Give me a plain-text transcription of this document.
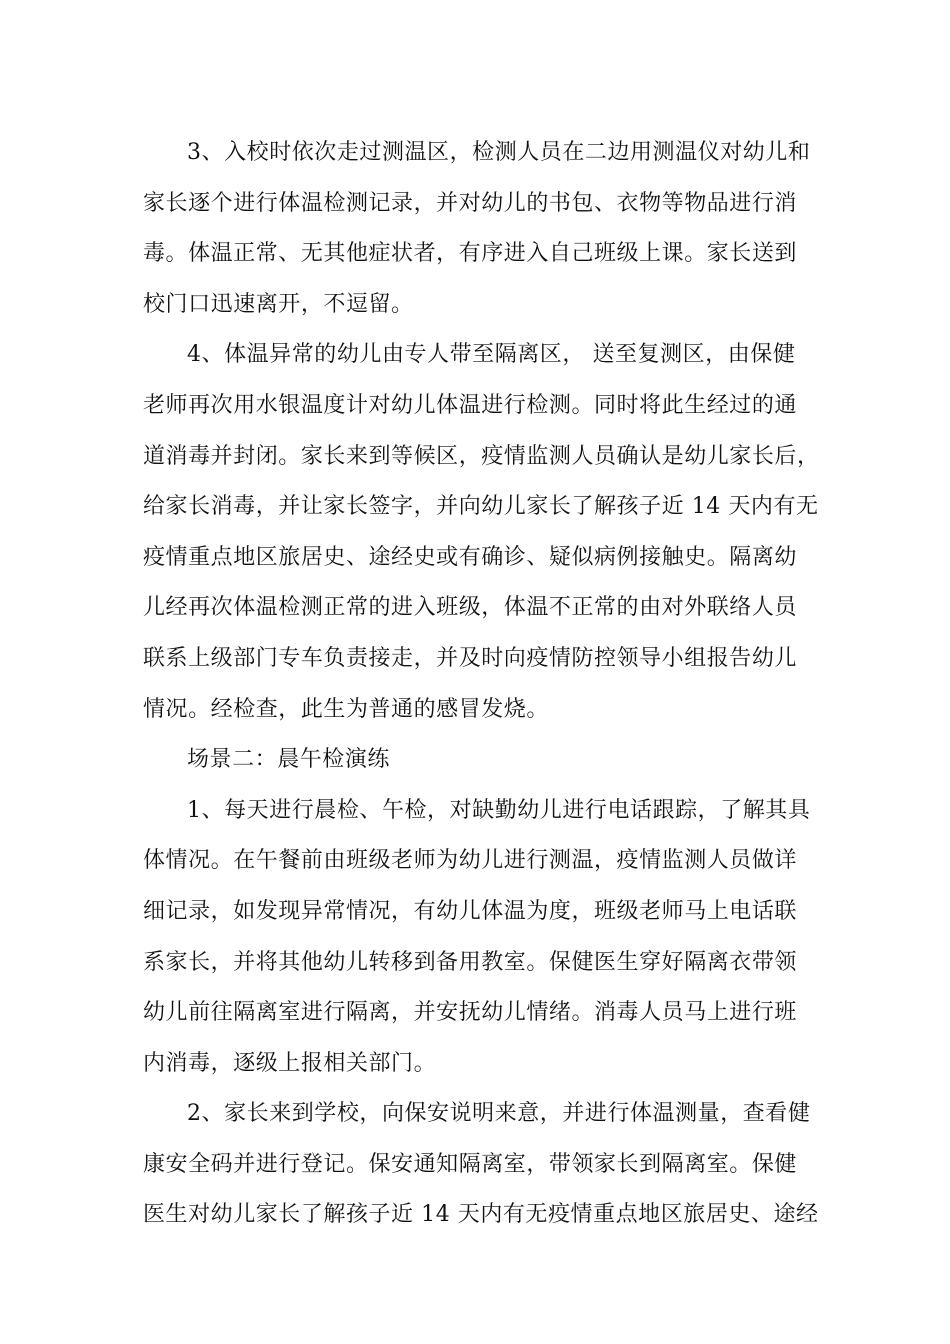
3、入校时依次走过测温区，检测人员在二边用测温仪对幼儿和
家长逐个进行体温检测记录，并对幼儿的书包、衣物等物品进行消
毒。体温正常、无其他症状者，有序进入自己班级上课。家长送到
校门口迅速离开，不逗留。
4、体温异常的幼儿由专人带至隔离区， 送至复测区，由保健
老师再次用水银温度计对幼儿体温进行检测。同时将此生经过的通
道消毒并封闭。家长来到等候区，疫情监测人员确认是幼儿家长后，
给家长消毒，并让家长签字，并向幼儿家长了解孩子近 14 天内有无
疫情重点地区旅居史、途经史或有确诊、疑似病例接触史。隔离幼
儿经再次体温检测正常的进入班级，体温不正常的由对外联络人员
联系上级部门专车负责接走，并及时向疫情防控领导小组报告幼儿
情况。经检查，此生为普通的感冒发烧。
场景二：晨午检演练
1、每天进行晨检、午检，对缺勤幼儿进行电话跟踪，了解其具
体情况。在午餐前由班级老师为幼儿进行测温，疫情监测人员做详
细记录，如发现异常情况，有幼儿体温为度，班级老师马上电话联
系家长，并将其他幼儿转移到备用教室。保健医生穿好隔离衣带领
幼儿前往隔离室进行隔离，并安抚幼儿情绪。消毒人员马上进行班
内消毒，逐级上报相关部门。
2、家长来到学校，向保安说明来意，并进行体温测量，查看健
康安全码并进行登记。保安通知隔离室，带领家长到隔离室。保健
医生对幼儿家长了解孩子近 14 天内有无疫情重点地区旅居史、途经
